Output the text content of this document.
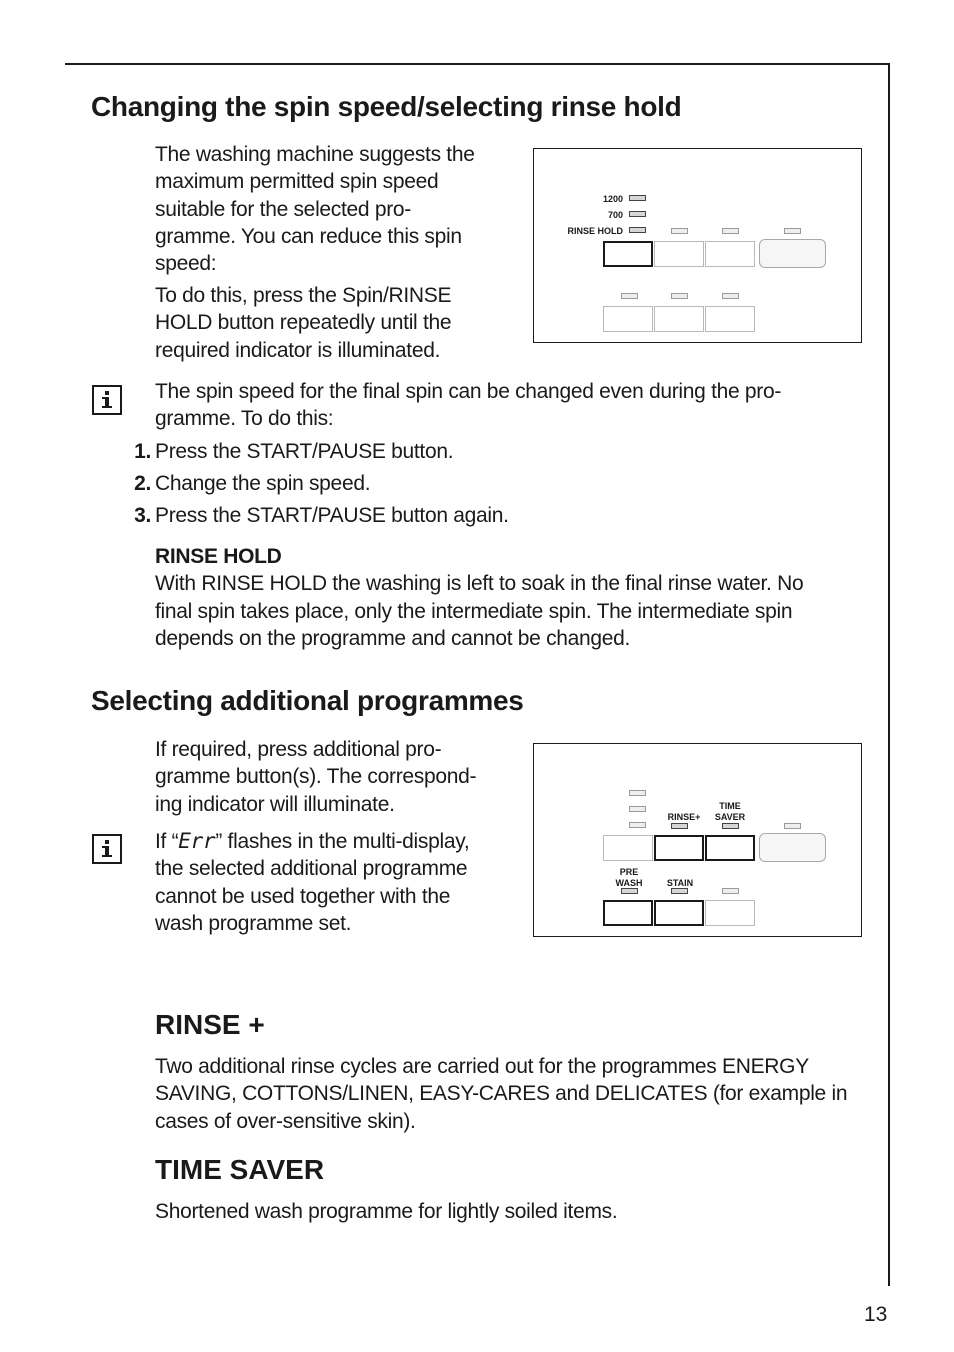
Changing the spin speed/selecting rinse hold
The washing machine suggests the
maximum permitted spin speed
suitable for the selected pro-
gramme. You can reduce this spin
speed:
To do this, press the Spin/RINSE
HOLD button repeatedly until the
required indicator is illuminated.
1200
700
RINSE HOLD
The spin speed for the final spin can be changed even during the pro-
gramme. To do this:
1. Press the START/PAUSE button.
2. Change the spin speed.
3. Press the START/PAUSE button again.
RINSE HOLD
With RINSE HOLD the washing is left to soak in the final rinse water. No
final spin takes place, only the intermediate spin. The intermediate spin
depends on the programme and cannot be changed.
Selecting additional programmes
If required, press additional pro-
gramme button(s). The correspond-
ing indicator will illuminate.
If “Err” flashes in the multi-display,
the selected additional programme
cannot be used together with the
wash programme set.
RINSE+
TIME
SAVER
PRE
WASH	STAIN
RINSE +
Two additional rinse cycles are carried out for the programmes ENERGY
SAVING, COTTONS/LINEN, EASY-CARES and DELICATES (for example in
cases of over-sensitive skin).
TIME SAVER
Shortened wash programme for lightly soiled items.
13
